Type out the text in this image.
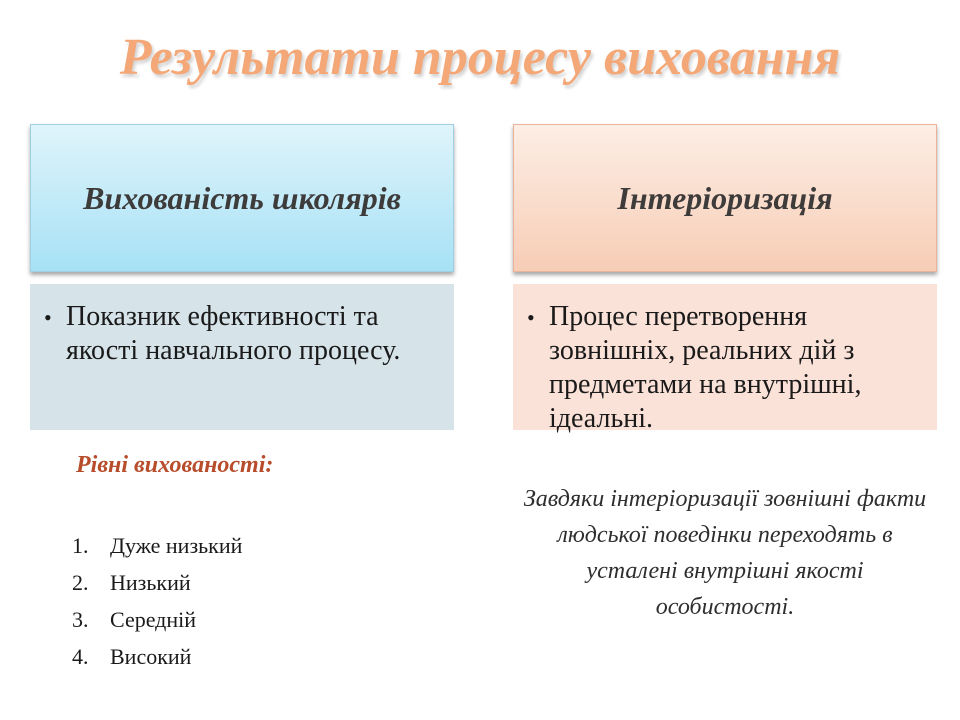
Результати процесу виховання
Вихованість школярів	Інтеріоризація
• Показник ефективності та якості навчального процесу.
• Процес перетворення зовнішніх, реальних дій з предметами на внутрішні, ідеальні.
Рівні вихованості:
1. Дуже низький
2. Низький
3. Середній
4. Високий
Завдяки інтеріоризації зовнішні факти людської поведінки переходять в усталені внутрішні якості особистості.
